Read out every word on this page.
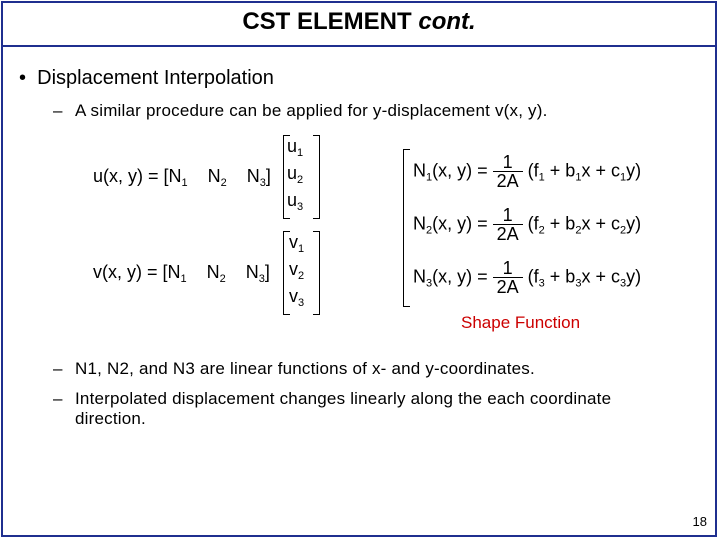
CST ELEMENT cont.
•  Displacement Interpolation
– A similar procedure can be applied for y-displacement v(x, y).
u(x, $y) = [N_1$    $N_2$    $N_3$]
$u_1$
$u_2$
$u_3$
v(x, $y) = [N_1$    $N_2$    $N_3$]
$v_1$
$v_2$
$v_3$
$N_1(x$, $y) = \frac{1}{2A} (f_1 + b_1x + c_1y)$
$N_2(x$, $y) = \frac{1}{2A} (f_2 + b_2x + c_2y)$
$N_3(x$, $y) = \frac{1}{2A} (f_3 + b_3x + c_3y)$
Shape Function
– N1, N2, and N3 are linear functions of x- and y-coordinates.
– Interpolated displacement changes linearly along the each coordinate
direction.
18
